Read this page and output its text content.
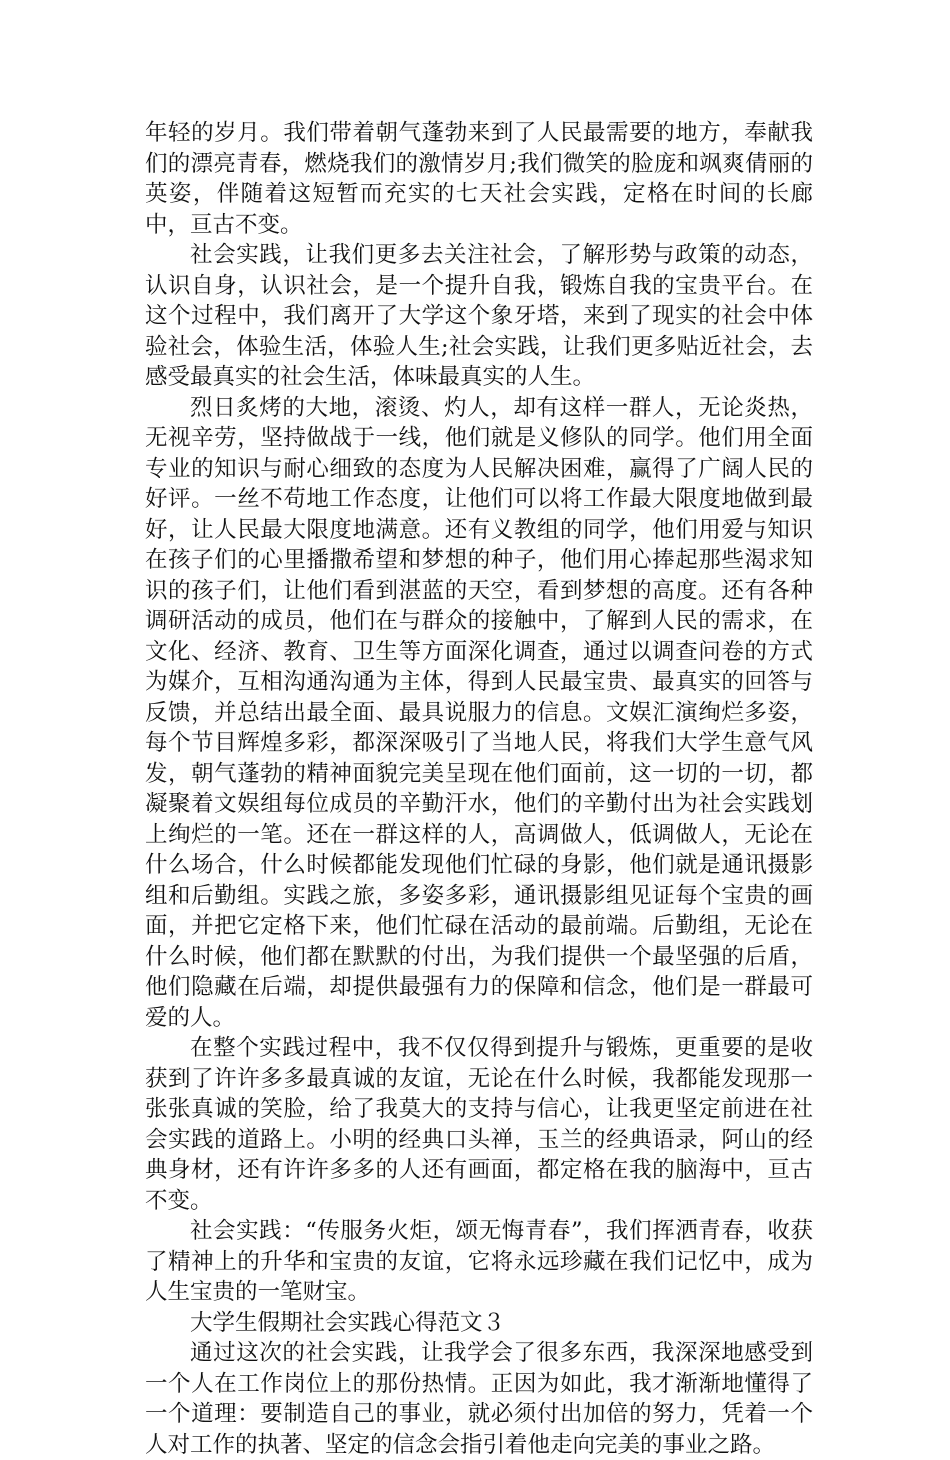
年轻的岁月。我们带着朝气蓬勃来到了人民最需要的地方，奉献我们的漂亮青春，燃烧我们的激情岁月;我们微笑的脸庞和飒爽倩丽的英姿，伴随着这短暂而充实的七天社会实践，定格在时间的长廊中，亘古不变。

社会实践，让我们更多去关注社会，了解形势与政策的动态，认识自身，认识社会，是一个提升自我，锻炼自我的宝贵平台。在这个过程中，我们离开了大学这个象牙塔，来到了现实的社会中体验社会，体验生活，体验人生;社会实践，让我们更多贴近社会，去感受最真实的社会生活，体味最真实的人生。

烈日炙烤的大地，滚烫、灼人，却有这样一群人，无论炎热，无视辛劳，坚持做战于一线，他们就是义修队的同学。他们用全面专业的知识与耐心细致的态度为人民解决困难，赢得了广阔人民的好评。一丝不苟地工作态度，让他们可以将工作最大限度地做到最好，让人民最大限度地满意。还有义教组的同学，他们用爱与知识在孩子们的心里播撒希望和梦想的种子，他们用心捧起那些渴求知识的孩子们，让他们看到湛蓝的天空，看到梦想的高度。还有各种调研活动的成员，他们在与群众的接触中，了解到人民的需求，在文化、经济、教育、卫生等方面深化调查，通过以调查问卷的方式为媒介，互相沟通沟通为主体，得到人民最宝贵、最真实的回答与反馈，并总结出最全面、最具说服力的信息。文娱汇演绚烂多姿，每个节目辉煌多彩，都深深吸引了当地人民，将我们大学生意气风发，朝气蓬勃的精神面貌完美呈现在他们面前，这一切的一切，都凝聚着文娱组每位成员的辛勤汗水，他们的辛勤付出为社会实践划上绚烂的一笔。还在一群这样的人，高调做人，低调做人，无论在什么场合，什么时候都能发现他们忙碌的身影，他们就是通讯摄影组和后勤组。实践之旅，多姿多彩，通讯摄影组见证每个宝贵的画面，并把它定格下来，他们忙碌在活动的最前端。后勤组，无论在什么时候，他们都在默默的付出，为我们提供一个最坚强的后盾，他们隐藏在后端，却提供最强有力的保障和信念，他们是一群最可爱的人。

在整个实践过程中，我不仅仅得到提升与锻炼，更重要的是收获到了许许多多最真诚的友谊，无论在什么时候，我都能发现那一张张真诚的笑脸，给了我莫大的支持与信心，让我更坚定前进在社会实践的道路上。小明的经典口头禅，玉兰的经典语录，阿山的经典身材，还有许许多多的人还有画面，都定格在我的脑海中，亘古不变。

社会实践：“传服务火炬，颂无悔青春”，我们挥洒青春，收获了精神上的升华和宝贵的友谊，它将永远珍藏在我们记忆中，成为人生宝贵的一笔财宝。

大学生假期社会实践心得范文３

通过这次的社会实践，让我学会了很多东西，我深深地感受到一个人在工作岗位上的那份热情。正因为如此，我才渐渐地懂得了一个道理：要制造自己的事业，就必须付出加倍的努力，凭着一个人对工作的执著、坚定的信念会指引着他走向完美的事业之路。
